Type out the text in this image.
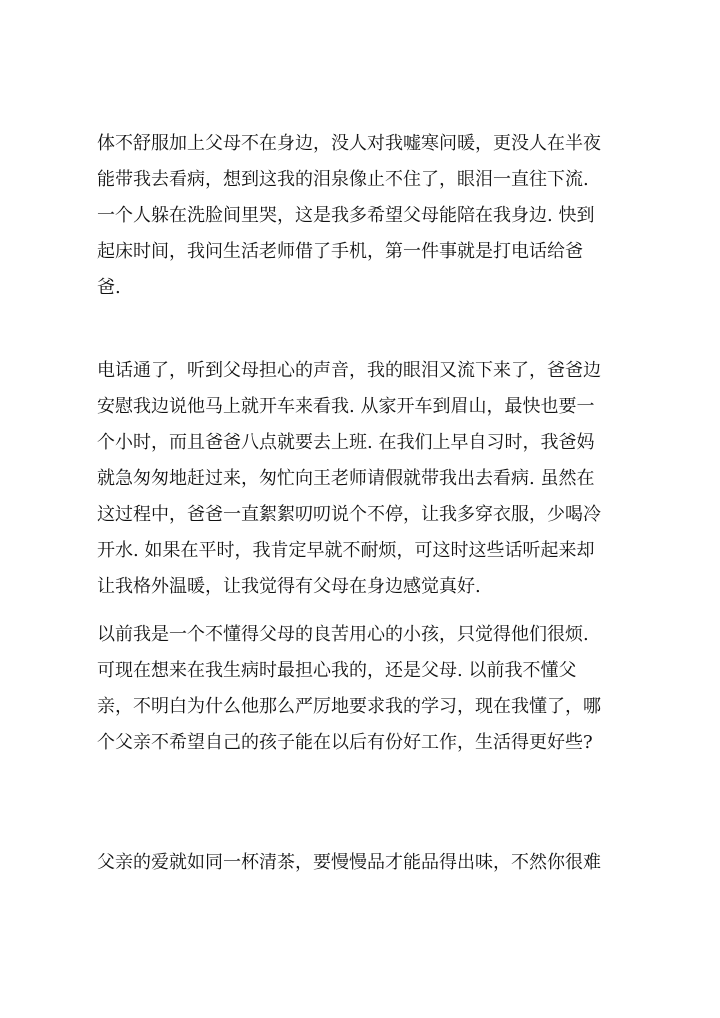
体不舒服加上父母不在身边，没人对我嘘寒问暖，更没人在半夜
能带我去看病，想到这我的泪泉像止不住了，眼泪一直往下流.
一个人躲在洗脸间里哭，这是我多希望父母能陪在我身边. 快到
起床时间，我问生活老师借了手机，第一件事就是打电话给爸
爸.

电话通了，听到父母担心的声音，我的眼泪又流下来了，爸爸边
安慰我边说他马上就开车来看我. 从家开车到眉山，最快也要一
个小时，而且爸爸八点就要去上班. 在我们上早自习时，我爸妈
就急匆匆地赶过来，匆忙向王老师请假就带我出去看病. 虽然在
这过程中，爸爸一直絮絮叨叨说个不停，让我多穿衣服，少喝冷
开水. 如果在平时，我肯定早就不耐烦，可这时这些话听起来却
让我格外温暖，让我觉得有父母在身边感觉真好.

以前我是一个不懂得父母的良苦用心的小孩，只觉得他们很烦.
可现在想来在我生病时最担心我的，还是父母. 以前我不懂父
亲，不明白为什么他那么严厉地要求我的学习，现在我懂了，哪
个父亲不希望自己的孩子能在以后有份好工作，生活得更好些?

父亲的爱就如同一杯清茶，要慢慢品才能品得出味，不然你很难
